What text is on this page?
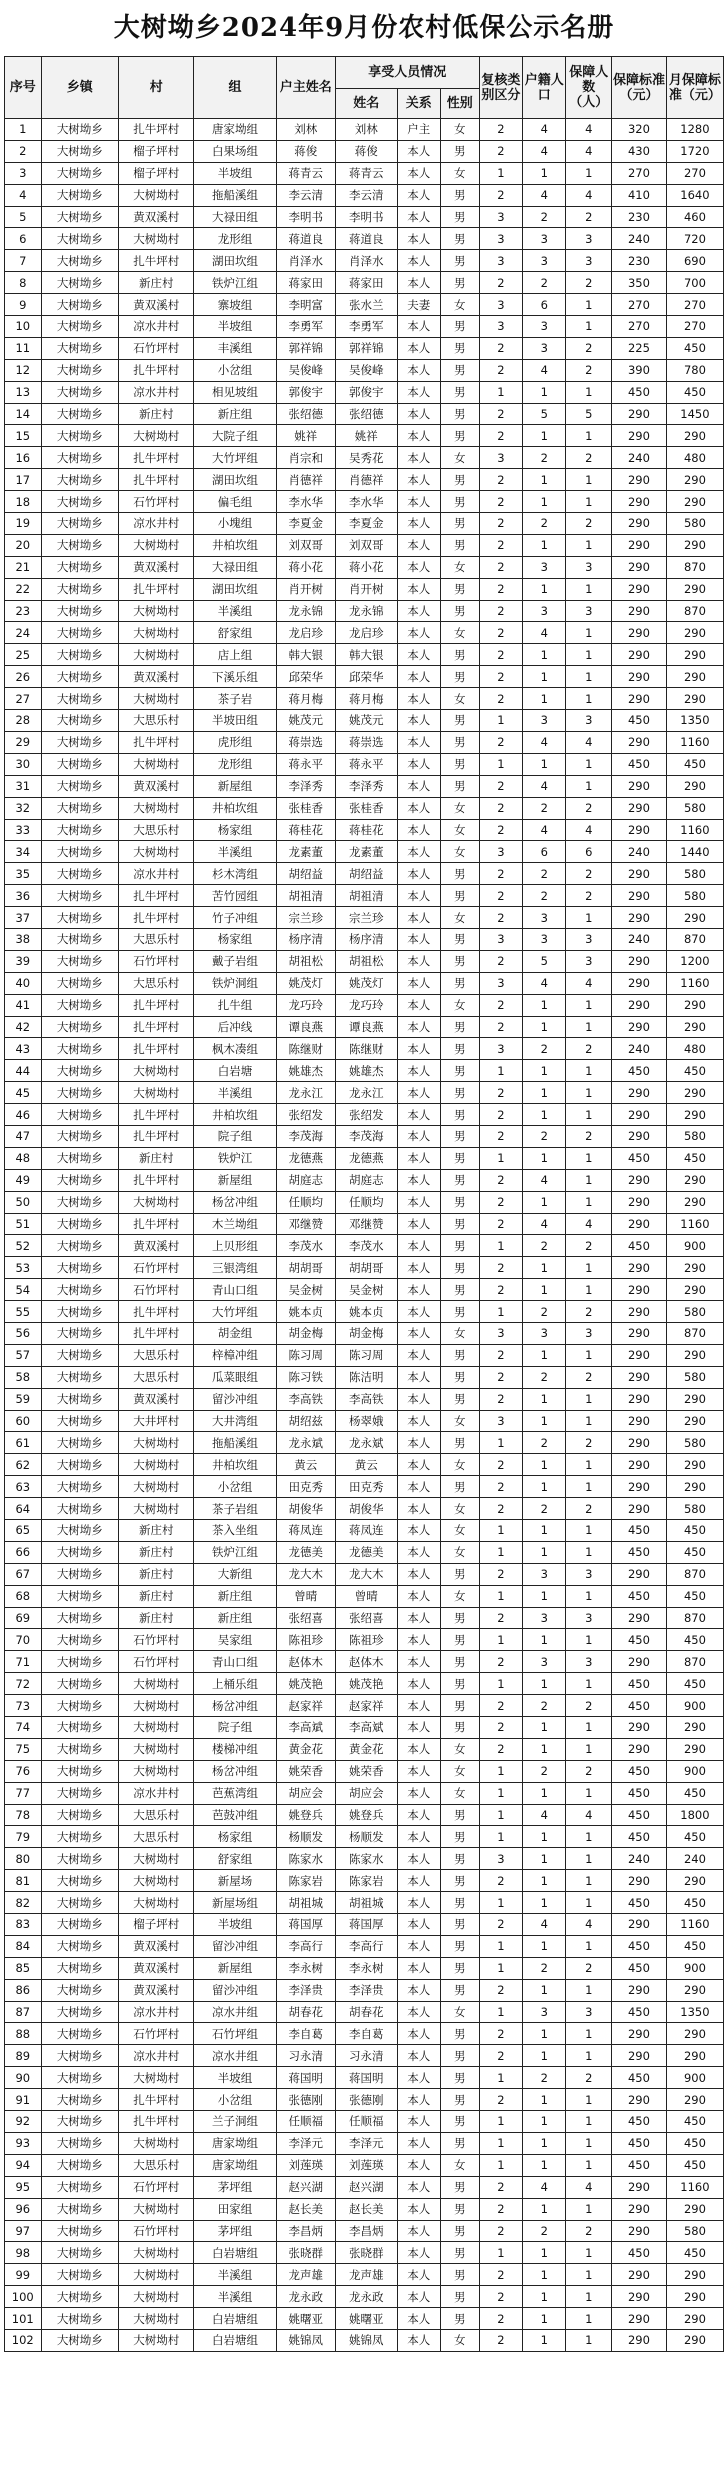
大树坳乡2024年9月份农村低保公示名册
序号	乡镇	村	组	户主姓名	享受人员情况			复核类别区分	户籍人口	保障人数（人）	保障标准（元）	月保障标准（元）
					姓名	关系	性别					
1	大树坳乡	扎牛坪村	唐家坳组	刘林	刘林	户主	女	2	4	4	320	1280
2	大树坳乡	榴子坪村	白果场组	蒋俊	蒋俊	本人	男	2	4	4	430	1720
3	大树坳乡	榴子坪村	半坡组	蒋青云	蒋青云	本人	女	1	1	1	270	270
4	大树坳乡	大树坳村	拖船溪组	李云清	李云清	本人	男	2	4	4	410	1640
5	大树坳乡	黄双溪村	大禄田组	李明书	李明书	本人	男	3	2	2	230	460
6	大树坳乡	大树坳村	龙形组	蒋道良	蒋道良	本人	男	3	3	3	240	720
7	大树坳乡	扎牛坪村	湖田坎组	肖泽水	肖泽水	本人	男	3	3	3	230	690
8	大树坳乡	新庄村	铁炉江组	蒋家田	蒋家田	本人	男	2	2	2	350	700
9	大树坳乡	黄双溪村	寨坡组	李明富	张水兰	夫妻	女	3	6	1	270	270
10	大树坳乡	凉水井村	半坡组	李勇军	李勇军	本人	男	3	3	1	270	270
11	大树坳乡	石竹坪村	丰溪组	郭祥锦	郭祥锦	本人	男	2	3	2	225	450
12	大树坳乡	扎牛坪村	小岔组	吴俊峰	吴俊峰	本人	男	2	4	2	390	780
13	大树坳乡	凉水井村	相见坡组	郭俊宇	郭俊宇	本人	男	1	1	1	450	450
14	大树坳乡	新庄村	新庄组	张绍德	张绍德	本人	男	2	5	5	290	1450
15	大树坳乡	大树坳村	大院子组	姚祥	姚祥	本人	男	2	1	1	290	290
16	大树坳乡	扎牛坪村	大竹坪组	肖宗和	吴秀花	本人	女	3	2	2	240	480
17	大树坳乡	扎牛坪村	湖田坎组	肖德祥	肖德祥	本人	男	2	1	1	290	290
18	大树坳乡	石竹坪村	偏毛组	李水华	李水华	本人	男	2	1	1	290	290
19	大树坳乡	凉水井村	小塊组	李夏金	李夏金	本人	男	2	2	2	290	580
20	大树坳乡	大树坳村	井柏坎组	刘双哥	刘双哥	本人	男	2	1	1	290	290
21	大树坳乡	黄双溪村	大禄田组	蒋小花	蒋小花	本人	女	2	3	3	290	870
22	大树坳乡	扎牛坪村	湖田坎组	肖开树	肖开树	本人	男	2	1	1	290	290
23	大树坳乡	大树坳村	半溪组	龙永锦	龙永锦	本人	男	2	3	3	290	870
24	大树坳乡	大树坳村	舒家组	龙启珍	龙启珍	本人	女	2	4	1	290	290
25	大树坳乡	大树坳村	店上组	韩大银	韩大银	本人	男	2	1	1	290	290
26	大树坳乡	黄双溪村	下溪乐组	邱荣华	邱荣华	本人	男	2	1	1	290	290
27	大树坳乡	大树坳村	茶子岩	蒋月梅	蒋月梅	本人	女	2	1	1	290	290
28	大树坳乡	大思乐村	半坡田组	姚茂元	姚茂元	本人	男	1	3	3	450	1350
29	大树坳乡	扎牛坪村	虎形组	蒋崇选	蒋崇选	本人	男	2	4	4	290	1160
30	大树坳乡	大树坳村	龙形组	蒋永平	蒋永平	本人	男	1	1	1	450	450
31	大树坳乡	黄双溪村	新屋组	李泽秀	李泽秀	本人	男	2	4	1	290	290
32	大树坳乡	大树坳村	井柏坎组	张桂香	张桂香	本人	女	2	2	2	290	580
33	大树坳乡	大思乐村	杨家组	蒋桂花	蒋桂花	本人	女	2	4	4	290	1160
34	大树坳乡	大树坳村	半溪组	龙素董	龙素董	本人	女	3	6	6	240	1440
35	大树坳乡	凉水井村	杉木湾组	胡绍益	胡绍益	本人	男	2	2	2	290	580
36	大树坳乡	扎牛坪村	苦竹园组	胡祖清	胡祖清	本人	男	2	2	2	290	580
37	大树坳乡	扎牛坪村	竹子冲组	宗兰珍	宗兰珍	本人	女	2	3	1	290	290
38	大树坳乡	大思乐村	杨家组	杨序清	杨序清	本人	男	3	3	3	240	870
39	大树坳乡	石竹坪村	戴子岩组	胡祖松	胡祖松	本人	男	2	5	3	290	1200
40	大树坳乡	大思乐村	铁炉洞组	姚茂灯	姚茂灯	本人	男	3	4	4	290	1160
41	大树坳乡	扎牛坪村	扎牛组	龙巧玲	龙巧玲	本人	女	2	1	1	290	290
42	大树坳乡	扎牛坪村	后冲线	谭良燕	谭良燕	本人	男	2	1	1	290	290
43	大树坳乡	扎牛坪村	枫木凑组	陈继财	陈继财	本人	男	3	2	2	240	480
44	大树坳乡	大树坳村	白岩塘	姚雄杰	姚雄杰	本人	男	1	1	1	450	450
45	大树坳乡	大树坳村	半溪组	龙永江	龙永江	本人	男	2	1	1	290	290
46	大树坳乡	扎牛坪村	井柏坎组	张绍发	张绍发	本人	男	2	1	1	290	290
47	大树坳乡	扎牛坪村	院子组	李茂海	李茂海	本人	男	2	2	2	290	580
48	大树坳乡	新庄村	铁炉江	龙德燕	龙德燕	本人	男	1	1	1	450	450
49	大树坳乡	扎牛坪村	新屋组	胡庭志	胡庭志	本人	男	2	4	1	290	290
50	大树坳乡	大树坳村	杨岔冲组	任顺均	任顺均	本人	男	2	1	1	290	290
51	大树坳乡	扎牛坪村	木兰坳组	邓继赞	邓继赞	本人	男	2	4	4	290	1160
52	大树坳乡	黄双溪村	上贝形组	李茂水	李茂水	本人	男	1	2	2	450	900
53	大树坳乡	石竹坪村	三银湾组	胡胡哥	胡胡哥	本人	男	2	1	1	290	290
54	大树坳乡	石竹坪村	青山口组	吴金树	吴金树	本人	男	2	1	1	290	290
55	大树坳乡	扎牛坪村	大竹坪组	姚本贞	姚本贞	本人	男	1	2	2	290	580
56	大树坳乡	扎牛坪村	胡金组	胡金梅	胡金梅	本人	女	3	3	3	290	870
57	大树坳乡	大思乐村	梓樟冲组	陈习周	陈习周	本人	男	2	1	1	290	290
58	大树坳乡	大思乐村	瓜菜眼组	陈习铁	陈洁明	本人	男	2	2	2	290	580
59	大树坳乡	黄双溪村	留沙冲组	李高铁	李高铁	本人	男	2	1	1	290	290
60	大树坳乡	大井坪村	大井湾组	胡绍兹	杨翠娥	本人	女	3	1	1	290	290
61	大树坳乡	大树坳村	拖船溪组	龙永斌	龙永斌	本人	男	1	2	2	290	580
62	大树坳乡	大树坳村	井柏坎组	黄云	黄云	本人	女	2	1	1	290	290
63	大树坳乡	大树坳村	小岔组	田克秀	田克秀	本人	男	2	1	1	290	290
64	大树坳乡	大树坳村	茶子岩组	胡俊华	胡俊华	本人	女	2	2	2	290	580
65	大树坳乡	新庄村	茶入坐组	蒋凤连	蒋凤连	本人	女	1	1	1	450	450
66	大树坳乡	新庄村	铁炉江组	龙德美	龙德美	本人	女	1	1	1	450	450
67	大树坳乡	新庄村	大新组	龙大木	龙大木	本人	男	2	3	3	290	870
68	大树坳乡	新庄村	新庄组	曾晴	曾晴	本人	女	1	1	1	450	450
69	大树坳乡	新庄村	新庄组	张绍喜	张绍喜	本人	男	2	3	3	290	870
70	大树坳乡	石竹坪村	吴家组	陈祖珍	陈祖珍	本人	男	1	1	1	450	450
71	大树坳乡	石竹坪村	青山口组	赵体木	赵体木	本人	男	2	3	3	290	870
72	大树坳乡	大树坳村	上桶乐组	姚茂艳	姚茂艳	本人	男	1	1	1	450	450
73	大树坳乡	大树坳村	杨岔冲组	赵家祥	赵家祥	本人	男	2	2	2	450	900
74	大树坳乡	大树坳村	院子组	李高斌	李高斌	本人	男	2	1	1	290	290
75	大树坳乡	大树坳村	楼梯冲组	黄金花	黄金花	本人	女	2	1	1	290	290
76	大树坳乡	大树坳村	杨岔冲组	姚荣香	姚荣香	本人	女	1	2	2	450	900
77	大树坳乡	凉水井村	芭蕉湾组	胡应会	胡应会	本人	女	1	1	1	450	450
78	大树坳乡	大思乐村	芭鼓冲组	姚登兵	姚登兵	本人	男	1	4	4	450	1800
79	大树坳乡	大思乐村	杨家组	杨顺发	杨顺发	本人	男	1	1	1	450	450
80	大树坳乡	大树坳村	舒家组	陈家水	陈家水	本人	男	3	1	1	240	240
81	大树坳乡	大树坳村	新屋场	陈家岩	陈家岩	本人	男	2	1	1	290	290
82	大树坳乡	大树坳村	新屋场组	胡祖城	胡祖城	本人	男	1	1	1	450	450
83	大树坳乡	榴子坪村	半坡组	蒋国厚	蒋国厚	本人	男	2	4	4	290	1160
84	大树坳乡	黄双溪村	留沙冲组	李高行	李高行	本人	男	1	1	1	450	450
85	大树坳乡	黄双溪村	新屋组	李永树	李永树	本人	男	1	2	2	450	900
86	大树坳乡	黄双溪村	留沙冲组	李泽贵	李泽贵	本人	男	2	1	1	290	290
87	大树坳乡	凉水井村	凉水井组	胡春花	胡春花	本人	女	1	3	3	450	1350
88	大树坳乡	石竹坪村	石竹坪组	李自葛	李自葛	本人	男	2	1	1	290	290
89	大树坳乡	凉水井村	凉水井组	习永清	习永清	本人	男	2	1	1	290	290
90	大树坳乡	大树坳村	半坡组	蒋国明	蒋国明	本人	男	1	2	2	450	900
91	大树坳乡	扎牛坪村	小岔组	张德刚	张德刚	本人	男	2	1	1	290	290
92	大树坳乡	扎牛坪村	兰子洞组	任顺福	任顺福	本人	男	1	1	1	450	450
93	大树坳乡	大树坳村	唐家坳组	李泽元	李泽元	本人	男	1	1	1	450	450
94	大树坳乡	大思乐村	唐家坳组	刘莲瑛	刘莲瑛	本人	女	1	1	1	450	450
95	大树坳乡	石竹坪村	茅坪组	赵兴湖	赵兴湖	本人	男	2	4	4	290	1160
96	大树坳乡	大树坳村	田家组	赵长美	赵长美	本人	男	2	1	1	290	290
97	大树坳乡	石竹坪村	茅坪组	李昌炳	李昌炳	本人	男	2	2	2	290	580
98	大树坳乡	大树坳村	白岩塘组	张晓群	张晓群	本人	男	1	1	1	450	450
99	大树坳乡	大树坳村	半溪组	龙声雄	龙声雄	本人	男	2	1	1	290	290
100	大树坳乡	大树坳村	半溪组	龙永政	龙永政	本人	男	2	1	1	290	290
101	大树坳乡	大树坳村	白岩塘组	姚曙亚	姚曙亚	本人	男	2	1	1	290	290
102	大树坳乡	大树坳村	白岩塘组	姚锦凤	姚锦凤	本人	女	2	1	1	290	290
